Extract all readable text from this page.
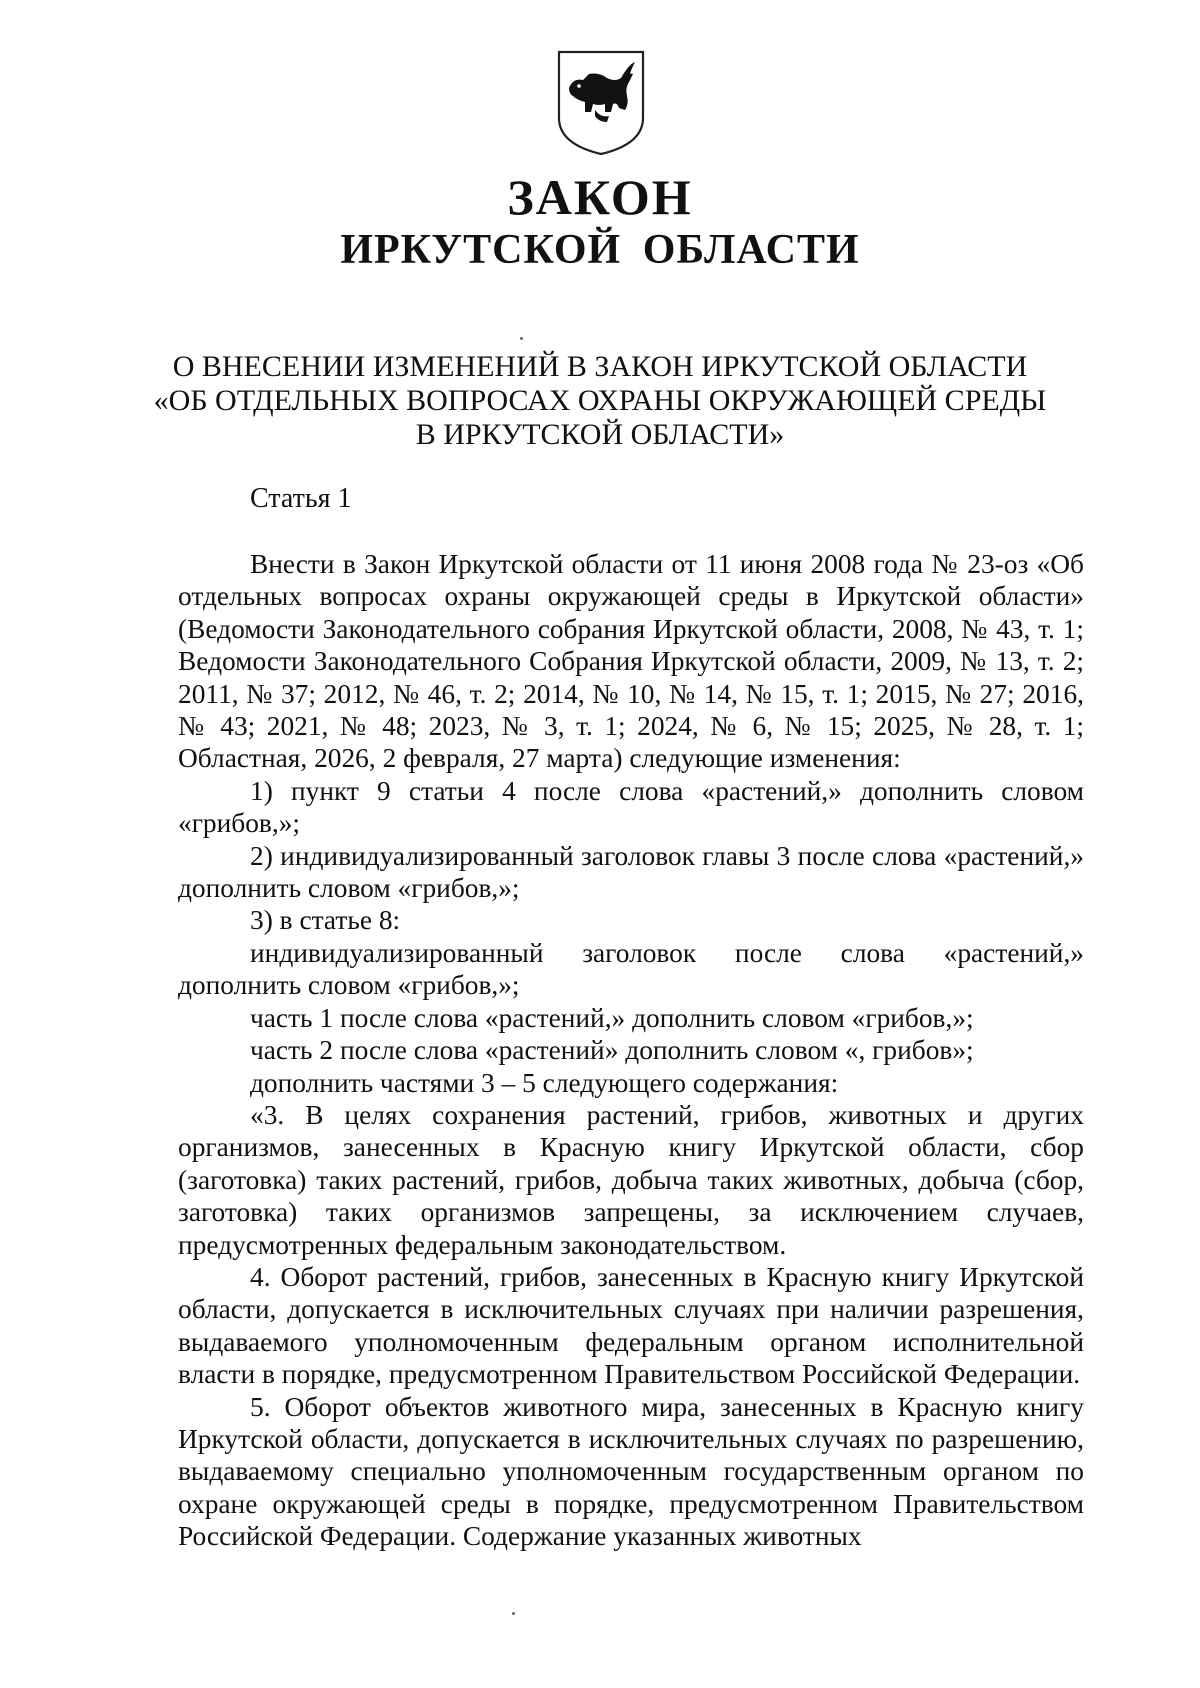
ЗАКОН
ИРКУТСКОЙ ОБЛАСТИ
О ВНЕСЕНИИ ИЗМЕНЕНИЙ В ЗАКОН ИРКУТСКОЙ ОБЛАСТИ
«ОБ ОТДЕЛЬНЫХ ВОПРОСАХ ОХРАНЫ ОКРУЖАЮЩЕЙ СРЕДЫ
В ИРКУТСКОЙ ОБЛАСТИ»

Статья 1

Внести в Закон Иркутской области от 11 июня 2008 года № 23-оз «Об отдельных вопросах охраны окружающей среды в Иркутской области» (Ведомости Законодательного собрания Иркутской области, 2008, № 43, т. 1; Ведомости Законодательного Собрания Иркутской области, 2009, № 13, т. 2; 2011, № 37; 2012, № 46, т. 2; 2014, № 10, № 14, № 15, т. 1; 2015, № 27; 2016, № 43; 2021, № 48; 2023, № 3, т. 1; 2024, № 6, № 15; 2025, № 28, т. 1; Областная, 2026, 2 февраля, 27 марта) следующие изменения:

1) пункт 9 статьи 4 после слова «растений,» дополнить словом «грибов,»;

2) индивидуализированный заголовок главы 3 после слова «растений,» дополнить словом «грибов,»;

3) в статье 8:

индивидуализированный заголовок после слова «растений,» дополнить словом «грибов,»;

часть 1 после слова «растений,» дополнить словом «грибов,»;

часть 2 после слова «растений» дополнить словом «, грибов»;

дополнить частями 3 – 5 следующего содержания:

«3. В целях сохранения растений, грибов, животных и других организмов, занесенных в Красную книгу Иркутской области, сбор (заготовка) таких растений, грибов, добыча таких животных, добыча (сбор, заготовка) таких организмов запрещены, за исключением случаев, предусмотренных федеральным законодательством.

4. Оборот растений, грибов, занесенных в Красную книгу Иркутской области, допускается в исключительных случаях при наличии разрешения, выдаваемого уполномоченным федеральным органом исполнительной власти в порядке, предусмотренном Правительством Российской Федерации.

5. Оборот объектов животного мира, занесенных в Красную книгу Иркутской области, допускается в исключительных случаях по разрешению, выдаваемому специально уполномоченным государственным органом по охране окружающей среды в порядке, предусмотренном Правительством Российской Федерации. Содержание указанных животных
